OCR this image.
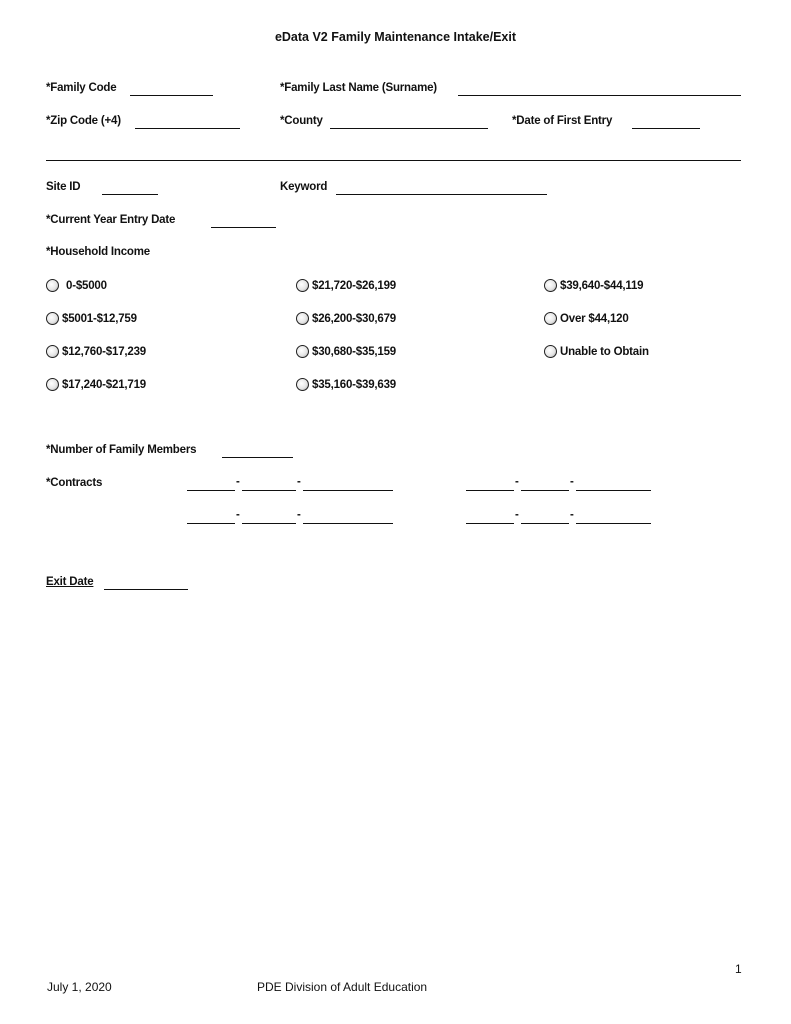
eData V2 Family Maintenance Intake/Exit
*Family Code	*Family Last Name (Surname)
*Zip Code (+4)	*County	*Date of First Entry
Site ID	Keyword
*Current Year Entry Date
*Household Income
0-$5000
$5001-$12,759
$12,760-$17,239
$17,240-$21,719
$21,720-$26,199
$26,200-$30,679
$30,680-$35,159
$35,160-$39,639
$39,640-$44,119
Over $44,120
Unable to Obtain
*Number of Family Members
*Contracts	-	-	-	-
-	-	-	-
Exit Date
1
July 1, 2020	PDE Division of Adult Education
